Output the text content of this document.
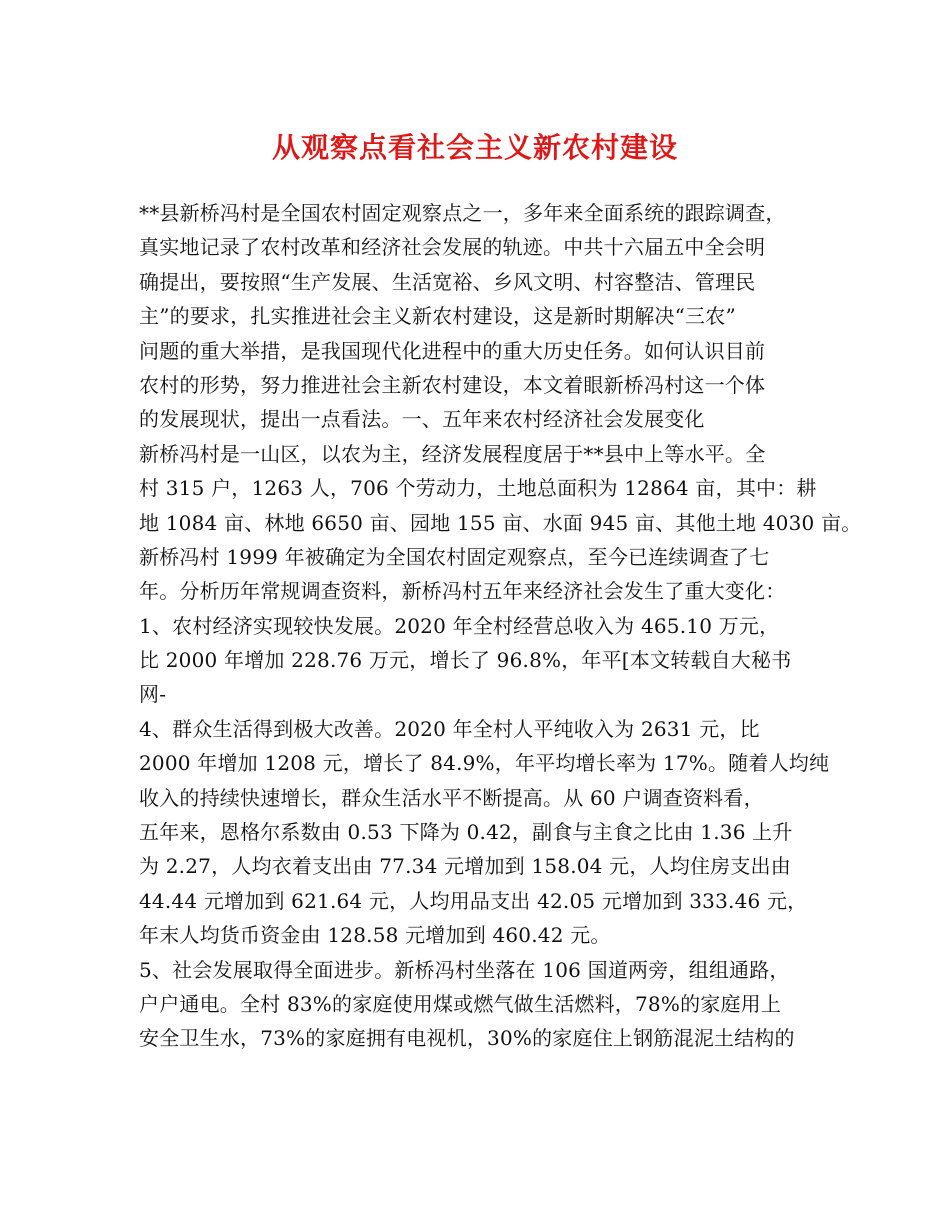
从观察点看社会主义新农村建设
**县新桥冯村是全国农村固定观察点之一，多年来全面系统的跟踪调查，
真实地记录了农村改革和经济社会发展的轨迹。中共十六届五中全会明
确提出，要按照“生产发展、生活宽裕、乡风文明、村容整洁、管理民
主”的要求，扎实推进社会主义新农村建设，这是新时期解决“三农”
问题的重大举措，是我国现代化进程中的重大历史任务。如何认识目前
农村的形势，努力推进社会主新农村建设，本文着眼新桥冯村这一个体
的发展现状，提出一点看法。一、五年来农村经济社会发展变化
新桥冯村是一山区，以农为主，经济发展程度居于**县中上等水平。全
村 315 户，1263 人，706 个劳动力，土地总面积为 12864 亩，其中：耕
地 1084 亩、林地 6650 亩、园地 155 亩、水面 945 亩、其他土地 4030 亩。
新桥冯村 1999 年被确定为全国农村固定观察点，至今已连续调查了七
年。分析历年常规调查资料，新桥冯村五年来经济社会发生了重大变化：
1、农村经济实现较快发展。2020 年全村经营总收入为 465.10 万元，
比 2000 年增加 228.76 万元，增长了 96.8%，年平[本文转载自大秘书
网-
4、群众生活得到极大改善。2020 年全村人平纯收入为 2631 元，比
2000 年增加 1208 元，增长了 84.9%，年平均增长率为 17%。随着人均纯
收入的持续快速增长，群众生活水平不断提高。从 60 户调查资料看，
五年来，恩格尔系数由 0.53 下降为 0.42，副食与主食之比由 1.36 上升
为 2.27，人均衣着支出由 77.34 元增加到 158.04 元，人均住房支出由
44.44 元增加到 621.64 元，人均用品支出 42.05 元增加到 333.46 元，
年末人均货币资金由 128.58 元增加到 460.42 元。
5、社会发展取得全面进步。新桥冯村坐落在 106 国道两旁，组组通路，
户户通电。全村 83%的家庭使用煤或燃气做生活燃料，78%的家庭用上
安全卫生水，73%的家庭拥有电视机，30%的家庭住上钢筋混泥土结构的
